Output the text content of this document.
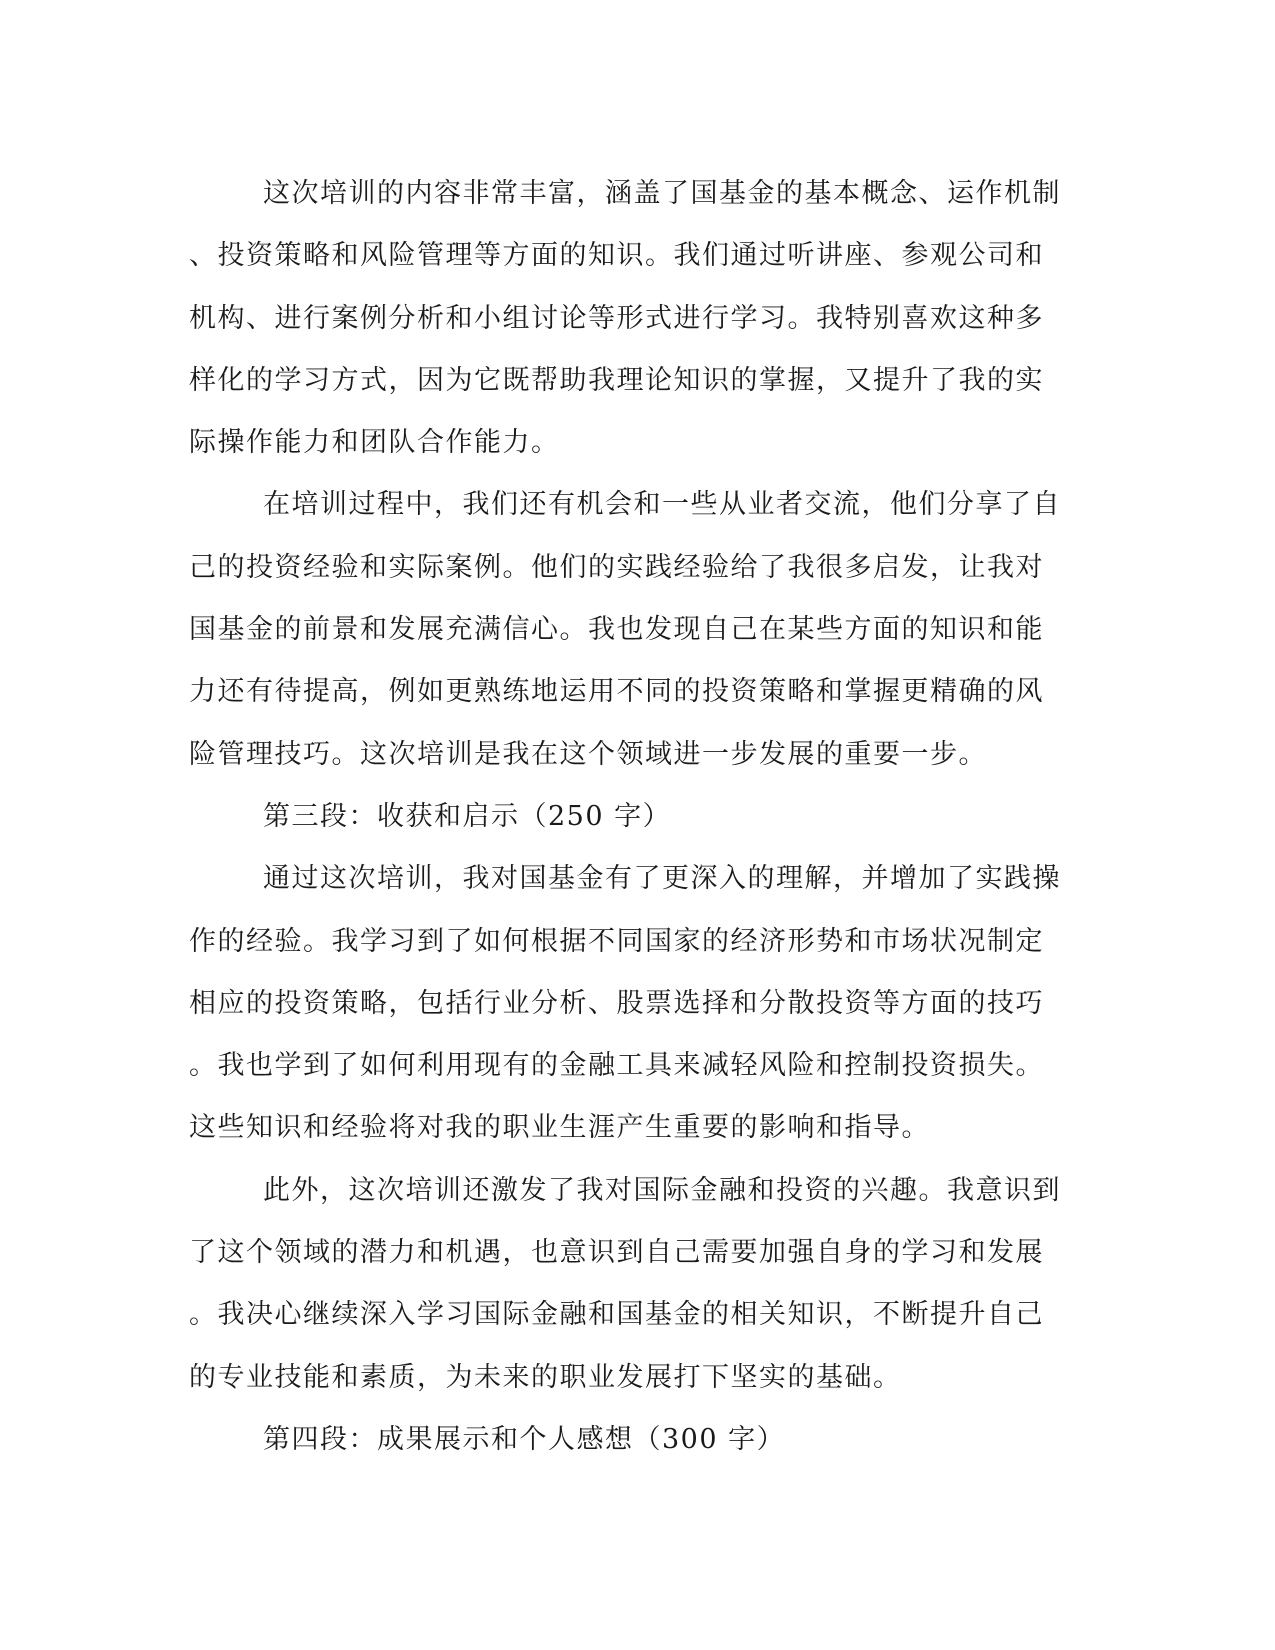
这次培训的内容非常丰富，涵盖了国基金的基本概念、运作机制
、投资策略和风险管理等方面的知识。我们通过听讲座、参观公司和
机构、进行案例分析和小组讨论等形式进行学习。我特别喜欢这种多
样化的学习方式，因为它既帮助我理论知识的掌握，又提升了我的实
际操作能力和团队合作能力。
在培训过程中，我们还有机会和一些从业者交流，他们分享了自
己的投资经验和实际案例。他们的实践经验给了我很多启发，让我对
国基金的前景和发展充满信心。我也发现自己在某些方面的知识和能
力还有待提高，例如更熟练地运用不同的投资策略和掌握更精确的风
险管理技巧。这次培训是我在这个领域进一步发展的重要一步。
第三段：收获和启示（250 字）
通过这次培训，我对国基金有了更深入的理解，并增加了实践操
作的经验。我学习到了如何根据不同国家的经济形势和市场状况制定
相应的投资策略，包括行业分析、股票选择和分散投资等方面的技巧
。我也学到了如何利用现有的金融工具来减轻风险和控制投资损失。
这些知识和经验将对我的职业生涯产生重要的影响和指导。
此外，这次培训还激发了我对国际金融和投资的兴趣。我意识到
了这个领域的潜力和机遇，也意识到自己需要加强自身的学习和发展
。我决心继续深入学习国际金融和国基金的相关知识，不断提升自己
的专业技能和素质，为未来的职业发展打下坚实的基础。
第四段：成果展示和个人感想（300 字）
